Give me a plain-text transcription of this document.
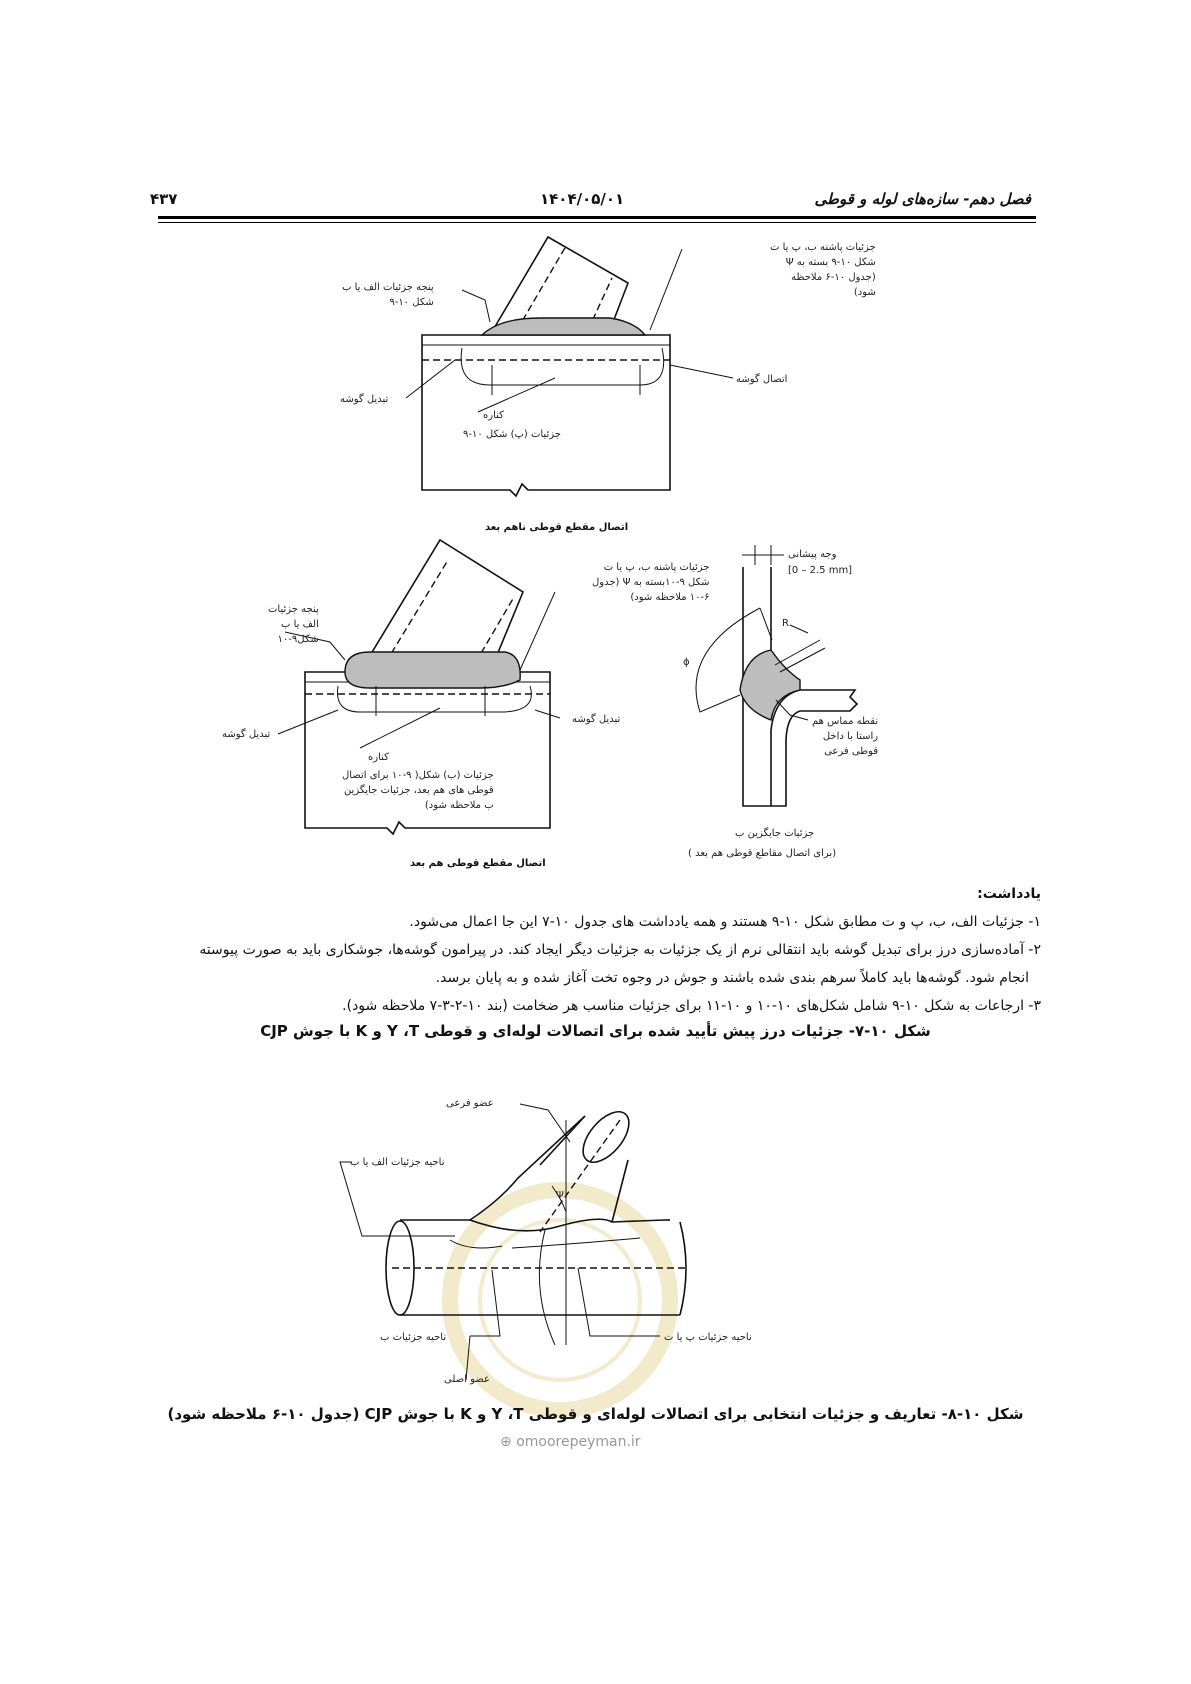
۴۳۷	۱۴۰۴/۰۵/۰۱	فصل دهم- سازه‌های لوله و قوطی
جزئیات پاشنه ب، پ یا ت
شکل ۱۰-۹ بسته به Ψ
(جدول ۱۰-۶ ملاحظه
شود)
پنجه جزئیات الف یا ب
شکل ۱۰-۹
تبدیل گوشه
اتصال گوشه
کناره
جزئیات (پ) شکل ۱۰-۹
اتصال مقطع قوطی ناهم بعد
جزئیات پاشنه ب، پ یا ت
شکل ۹-۱۰بسته به Ψ (جدول
۱۰-۶ ملاحظه شود)
پنجه جزئیات
الف یا ب
شکل۹-۱۰
تبدیل گوشه
تبدیل گوشه
کناره
جزئیات (ب) شکل( ۹-۱۰ برای اتصال
قوطی های هم بعد، جزئیات جایگزین
ب ملاحظه شود)
اتصال مقطع قوطی هم بعد
وجه پیشانی
[0 – 2.5 mm]
R
ϕ
نقطه مماس هم
راستا با داخل
قوطی فرعی
جزئیات جایگزین ب
(برای اتصال مقاطع قوطی هم بعد )
یادداشت:
۱- جزئیات الف، ب، پ و ت مطابق شکل ۱۰-۹ هستند و همه یادداشت های جدول ۱۰-۷ این جا اعمال می‌شود.
۲- آماده‌سازی درز برای تبدیل گوشه باید انتقالی نرم از یک جزئیات به جزئیات دیگر ایجاد کند. در پیرامون گوشه‌ها، جوشکاری باید به صورت پیوسته
انجام شود. گوشه‌ها باید کاملاً سرهم بندی شده باشند و جوش در وجوه تخت آغاز شده و به پایان برسد.
۳- ارجاعات به شکل ۱۰-۹ شامل شکل‌های ۱۰-۱۰ و ۱۰-۱۱ برای جزئیات مناسب هر ضخامت (بند ۱۰-۲-۳-۷ ملاحظه شود).
شکل ۱۰-۷- جزئیات درز پیش تأیید شده برای اتصالات لوله‌ای و قوطی Y ،T و K با جوش CJP
عضو فرعی
ناحیه جزئیات الف یا ب
ناحیه جزئیات ب	ناحیه جزئیات پ یا ت
عضو اصلی
Ψ
شکل ۱۰-۸- تعاریف و جزئیات انتخابی برای اتصالات لوله‌ای و قوطی Y ،T و K با جوش CJP (جدول ۱۰-۶ ملاحظه شود)
⊕ omoorepeyman.ir
